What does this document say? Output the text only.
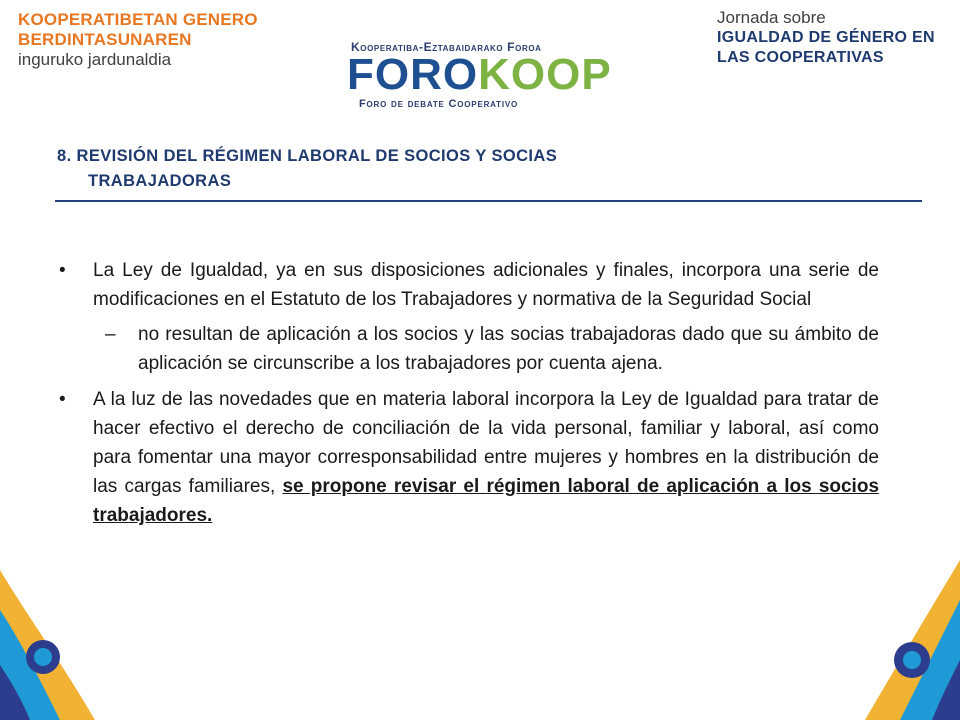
KOOPERATIBETAN GENERO
BERDINTASUNAREN
inguruko jardunaldia
Jornada sobre
IGUALDAD DE GÉNERO EN
LAS COOPERATIVAS
Kooperatiba-Eztabaidarako Foroa
FOROKOOP
Foro de debate Cooperativo
8. REVISIÓN DEL RÉGIMEN LABORAL DE SOCIOS Y SOCIAS
TRABAJADORAS
• La Ley de Igualdad, ya en sus disposiciones adicionales y finales, incorpora una serie de modificaciones en el Estatuto de los Trabajadores y normativa de la Seguridad Social
– no resultan de aplicación a los socios y las socias trabajadoras dado que su ámbito de aplicación se circunscribe a los trabajadores por cuenta ajena.
• A la luz de las novedades que en materia laboral incorpora la Ley de Igualdad para tratar de hacer efectivo el derecho de conciliación de la vida personal, familiar y laboral, así como para fomentar una mayor corresponsabilidad entre mujeres y hombres en la distribución de las cargas familiares, se propone revisar el régimen laboral de aplicación a los socios trabajadores.
